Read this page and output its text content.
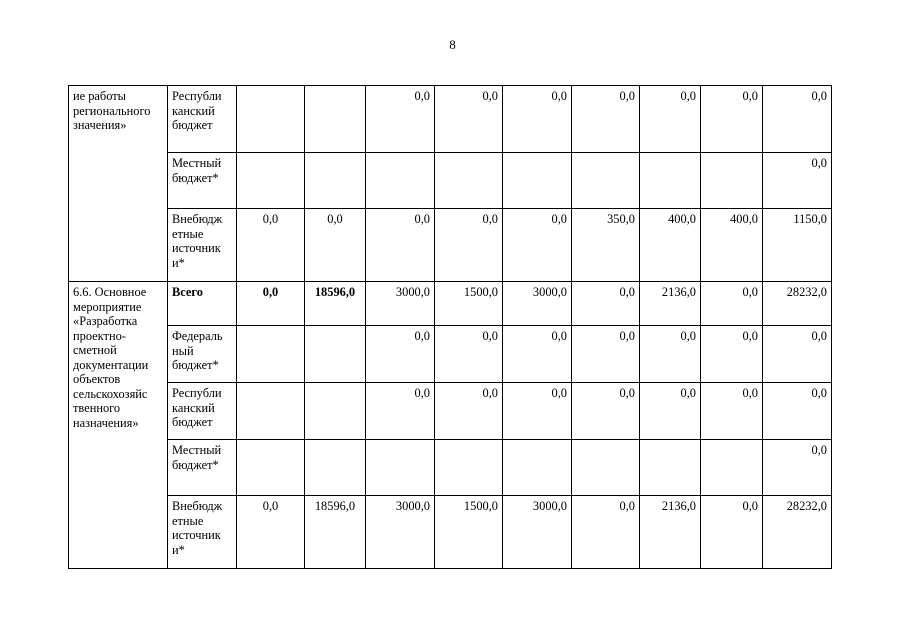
8
ие работы регионального значения»	Республи канский бюджет			0,0	0,0	0,0	0,0	0,0	0,0	0,0
	Местный бюджет*									0,0
	Внебюдж етные источник и*	0,0	0,0	0,0	0,0	0,0	350,0	400,0	400,0	1150,0
6.6. Основное мероприятие «Разработка проектно-сметной документации объектов сельскохозяйс твенного назначения»	Всего	0,0	18596,0	3000,0	1500,0	3000,0	0,0	2136,0	0,0	28232,0
	Федераль ный бюджет*			0,0	0,0	0,0	0,0	0,0	0,0	0,0
	Республи канский бюджет			0,0	0,0	0,0	0,0	0,0	0,0	0,0
	Местный бюджет*									0,0
	Внебюдж етные источник и*	0,0	18596,0	3000,0	1500,0	3000,0	0,0	2136,0	0,0	28232,0
